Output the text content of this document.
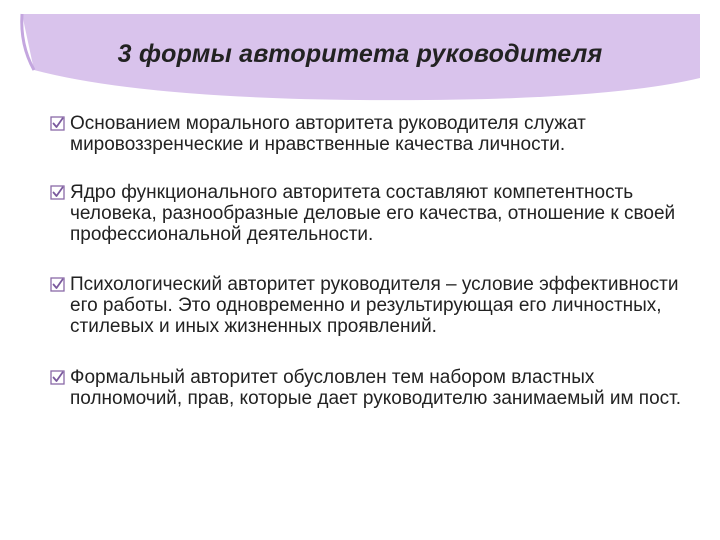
3 формы авторитета руководителя
Основанием морального авторитета руководителя служат мировоззренческие и нравственные качества личности.
Ядро функционального авторитета составляют компетентность человека, разнообразные деловые его качества, отношение к своей профессиональной деятельности.
Психологический авторитет руководителя – условие эффективности его работы. Это одновременно и результирующая его личностных, стилевых и иных жизненных проявлений.
Формальный авторитет обусловлен тем набором властных полномочий, прав, которые дает руководителю занимаемый им пост.
